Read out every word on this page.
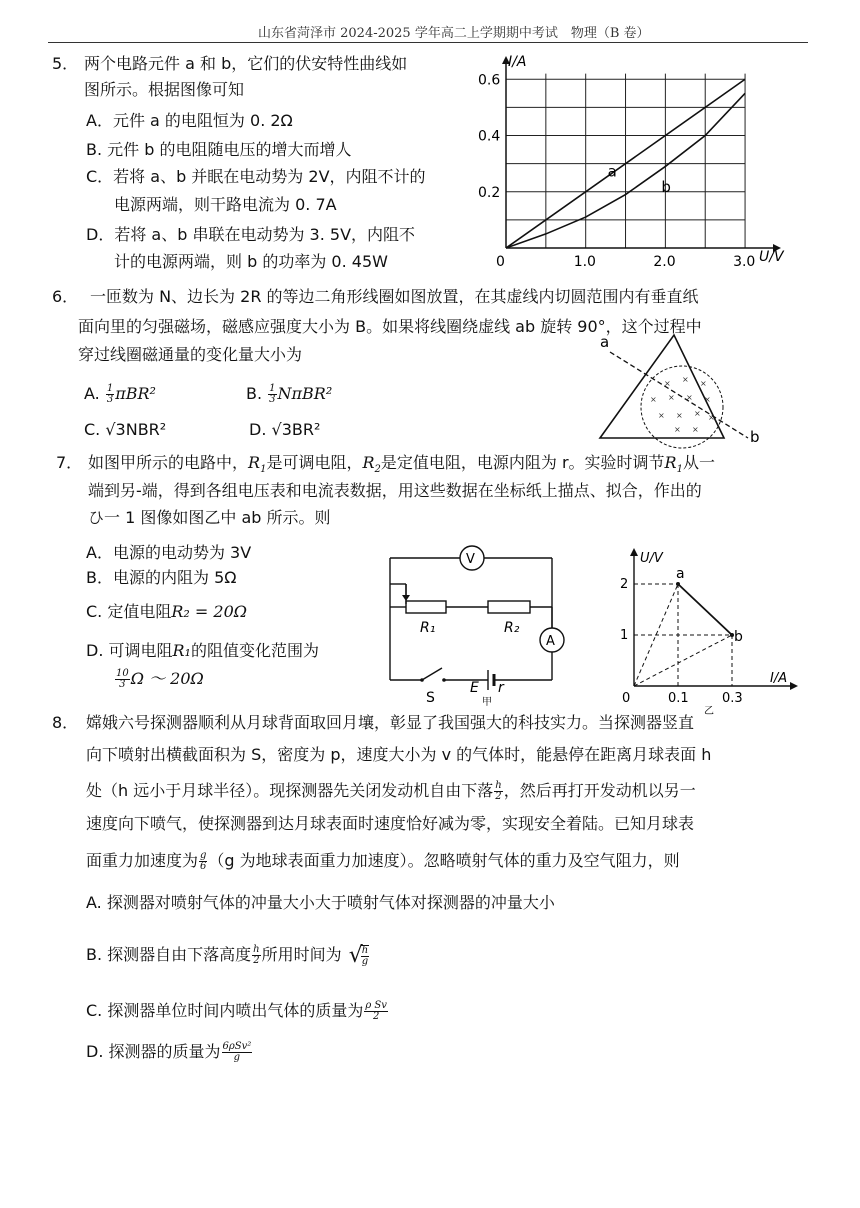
山东省菏泽市 2024-2025 学年高二上学期期中考试　物理（B 卷）
5． 两个电路元件 a 和 b，它们的伏安特性曲线如
图所示。根据图像可知
A．元件 a 的电阻恒为 0. 2Ω
B. 元件 b 的电阻随电压的增大而增人
C．若将 a、b 并眠在电动势为 2V，内阻不计的
电源两端，则干路电流为 0. 7A
D．若将 a、b 串联在电动势为 3. 5V，内阻不
计的电源两端，则 b 的功率为 0. 45W	0	1.0	2.0	3.0
0.2
0.4
0.6
a
b
I/A
U/V
6． 一匝数为 N、边长为 2R 的等边二角形线圈如图放置，在其虚线内切圆范围内有垂直纸
面向里的匀强磁场，磁感应强度大小为 B。如果将线圈绕虚线 ab 旋转 90°，这个过程中
穿过线圈磁通量的变化量大小为
A. $\frac{1}{3} \pi BR^2$	B. $\frac{1}{3} N\pi BR^2$
C. √3NBR²	D. √3BR²
× × ×
× × × ×
× × × ×
× ×
a
b
7． 如图甲所示的电路中，$R_1$是可调电阻，$R_2$是定值电阻，电源内阻为 r。实验时调节$R_1$从一
端到另-端，得到各组电压表和电流表数据，用这些数据在坐标纸上描点、拟合，作出的
ひ一 1 图像如图乙中 ab 所示。则
A．电源的电动势为 3V
B．电源的内阻为 5Ω
C. 定值电阻R₂ = 20Ω
D. 可调电阻R₁的阻值变化范围为
$\frac{10}{3}$ Ω ～ 20Ω
V
A
R₁	R₂
S
E r
甲
U/V
I/A
2
1
0	0.1	0.3
a
b
乙
8． 嫦娥六号探测器顺利从月球背面取回月壤，彰显了我国强大的科技实力。当探测器竖直
向下喷射出横截面积为 S，密度为 p，速度大小为 v 的气体时，能悬停在距离月球表面 h
处（h 远小于月球半径）。现探测器先关闭发动机自由下落 $\frac{h}{2}$ ，然后再打开发动机以另一
速度向下喷气，使探测器到达月球表面时速度恰好减为零，实现安全着陆。已知月球表
面重力加速度为 $\frac{g}{6} (g$ 为地球表面重力加速度）。忽略喷射气体的重力及空气阻力，则
A. 探测器对喷射气体的冲量大小大于喷射气体对探测器的冲量大小
B. 探测器自由下落高度 $\frac{h}{2}$ 所用时间为 √
$\frac{h}{g}$
C. 探测器单位时间内喷出气体的质量为 $\frac{\text{ρ Sv}}{2}$
D. 探测器的质量为 $\frac{\text{6ρSv²}}{g}$
